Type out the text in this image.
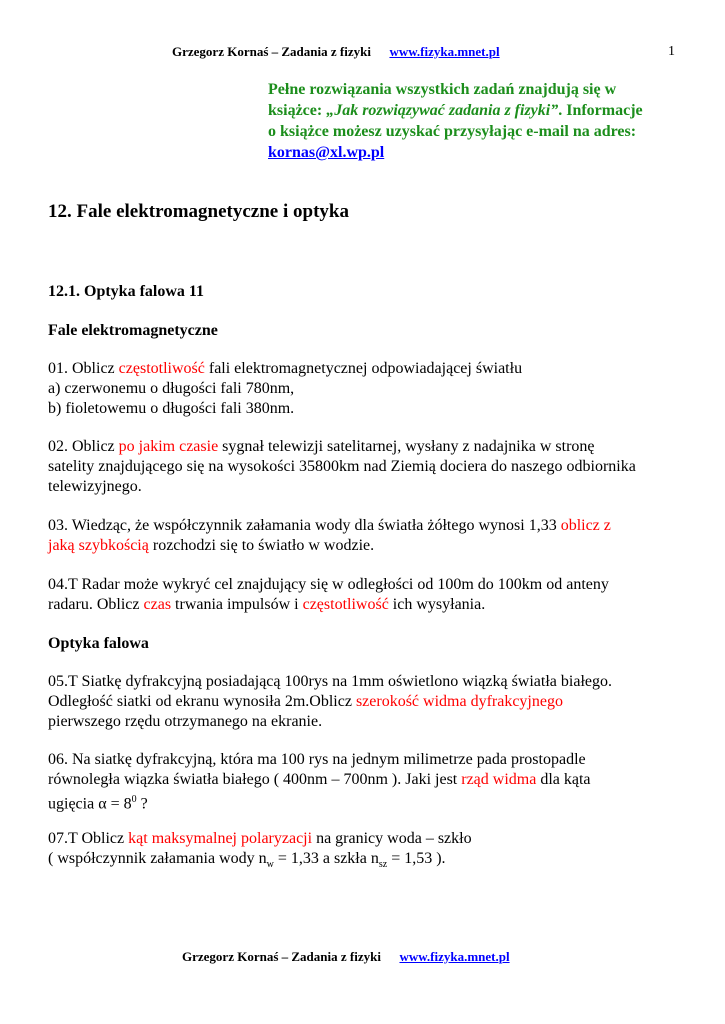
Grzegorz Kornaś – Zadania z fizyki www.fizyka.mnet.pl	1
Pełne rozwiązania wszystkich zadań znajdują się w
książce: „Jak rozwiązywać zadania z fizyki”. Informacje
o książce możesz uzyskać przysyłając e-mail na adres:
kornas@xl.wp.pl
12. Fale elektromagnetyczne i optyka
12.1. Optyka falowa 11
Fale elektromagnetyczne
01. Oblicz częstotliwość fali elektromagnetycznej odpowiadającej światłu
a) czerwonemu o długości fali 780nm,
b) fioletowemu o długości fali 380nm.
02. Oblicz po jakim czasie sygnał telewizji satelitarnej, wysłany z nadajnika w stronę
satelity znajdującego się na wysokości 35800km nad Ziemią dociera do naszego odbiornika
telewizyjnego.
03. Wiedząc, że współczynnik załamania wody dla światła żółtego wynosi 1,33 oblicz z
jaką szybkością rozchodzi się to światło w wodzie.
04.T Radar może wykryć cel znajdujący się w odległości od 100m do 100km od anteny
radaru. Oblicz czas trwania impulsów i częstotliwość ich wysyłania.
Optyka falowa
05.T Siatkę dyfrakcyjną posiadającą 100rys na 1mm oświetlono wiązką światła białego.
Odległość siatki od ekranu wynosiła 2m.Oblicz szerokość widma dyfrakcyjnego
pierwszego rzędu otrzymanego na ekranie.
06. Na siatkę dyfrakcyjną, która ma 100 rys na jednym milimetrze pada prostopadle
równoległa wiązka światła białego ( 400nm – 700nm ). Jaki jest rząd widma dla kąta
ugięcia $\alpha = 8^0$ ?
07.T Oblicz kąt maksymalnej polaryzacji na granicy woda – szkło
( współczynnik załamania wody $n_w = 1,33$ a szkła $n_{sz} = 1,53$ ).
Grzegorz Kornaś – Zadania z fizyki www.fizyka.mnet.pl
